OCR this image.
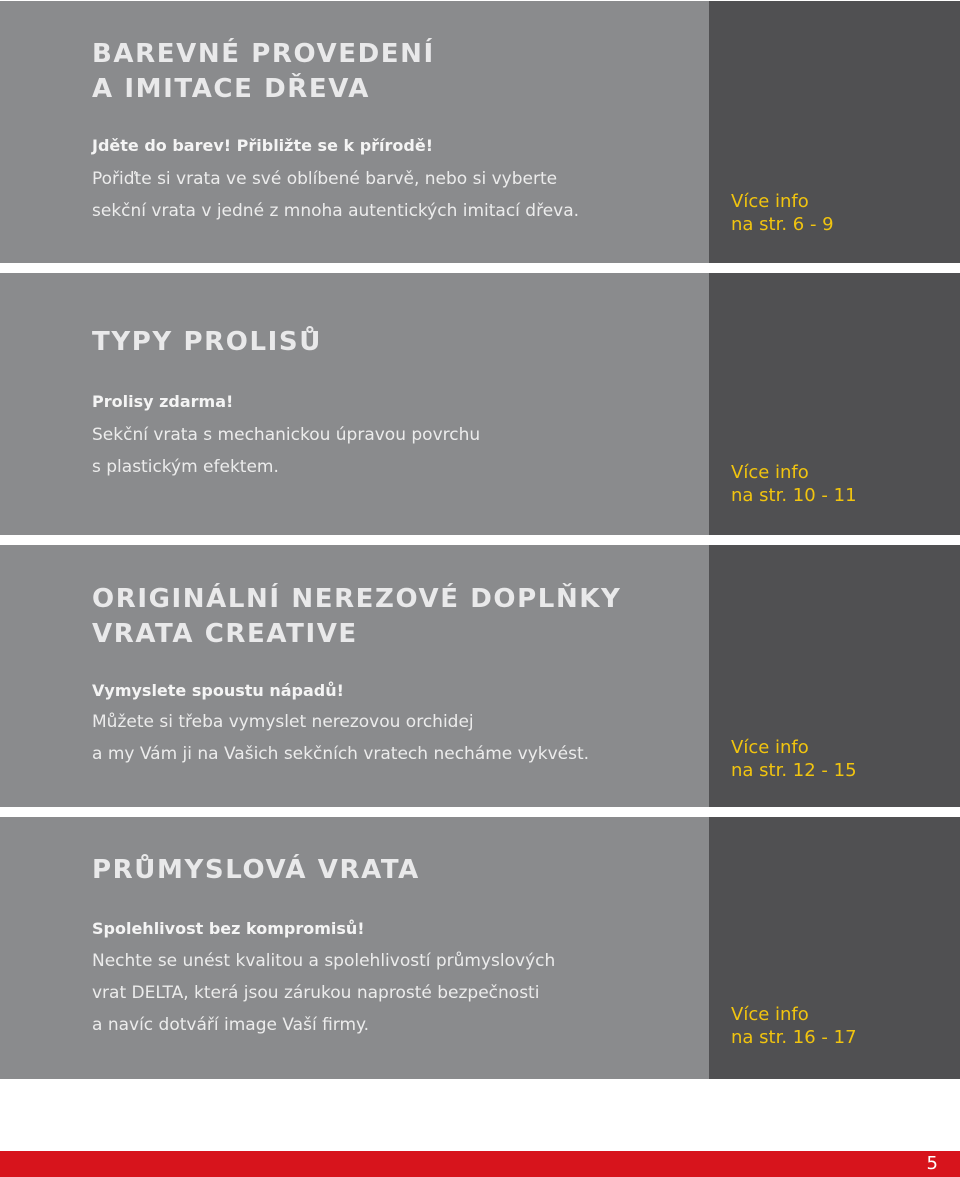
BAREVNÉ PROVEDENÍ
A IMITACE DŘEVA
Jděte do barev! Přibližte se k přírodě!
Pořiďte si vrata ve své oblíbené barvě, nebo si vyberte
sekční vrata v jedné z mnoha autentických imitací dřeva.	Více info
na str. 6 - 9
TYPY PROLISŮ
Prolisy zdarma!
Sekční vrata s mechanickou úpravou povrchu
s plastickým efektem.	Více info
na str. 10 - 11
ORIGINÁLNÍ NEREZOVÉ DOPLŇKY
VRATA CREATIVE
Vymyslete spoustu nápadů!
Můžete si třeba vymyslet nerezovou orchidej
a my Vám ji na Vašich sekčních vratech necháme vykvést.	Více info
na str. 12 - 15
PRŮMYSLOVÁ VRATA
Spolehlivost bez kompromisů!
Nechte se unést kvalitou a spolehlivostí průmyslových
vrat DELTA, která jsou zárukou naprosté bezpečnosti
a navíc dotváří image Vaší firmy.	Více info
na str. 16 - 17
5
